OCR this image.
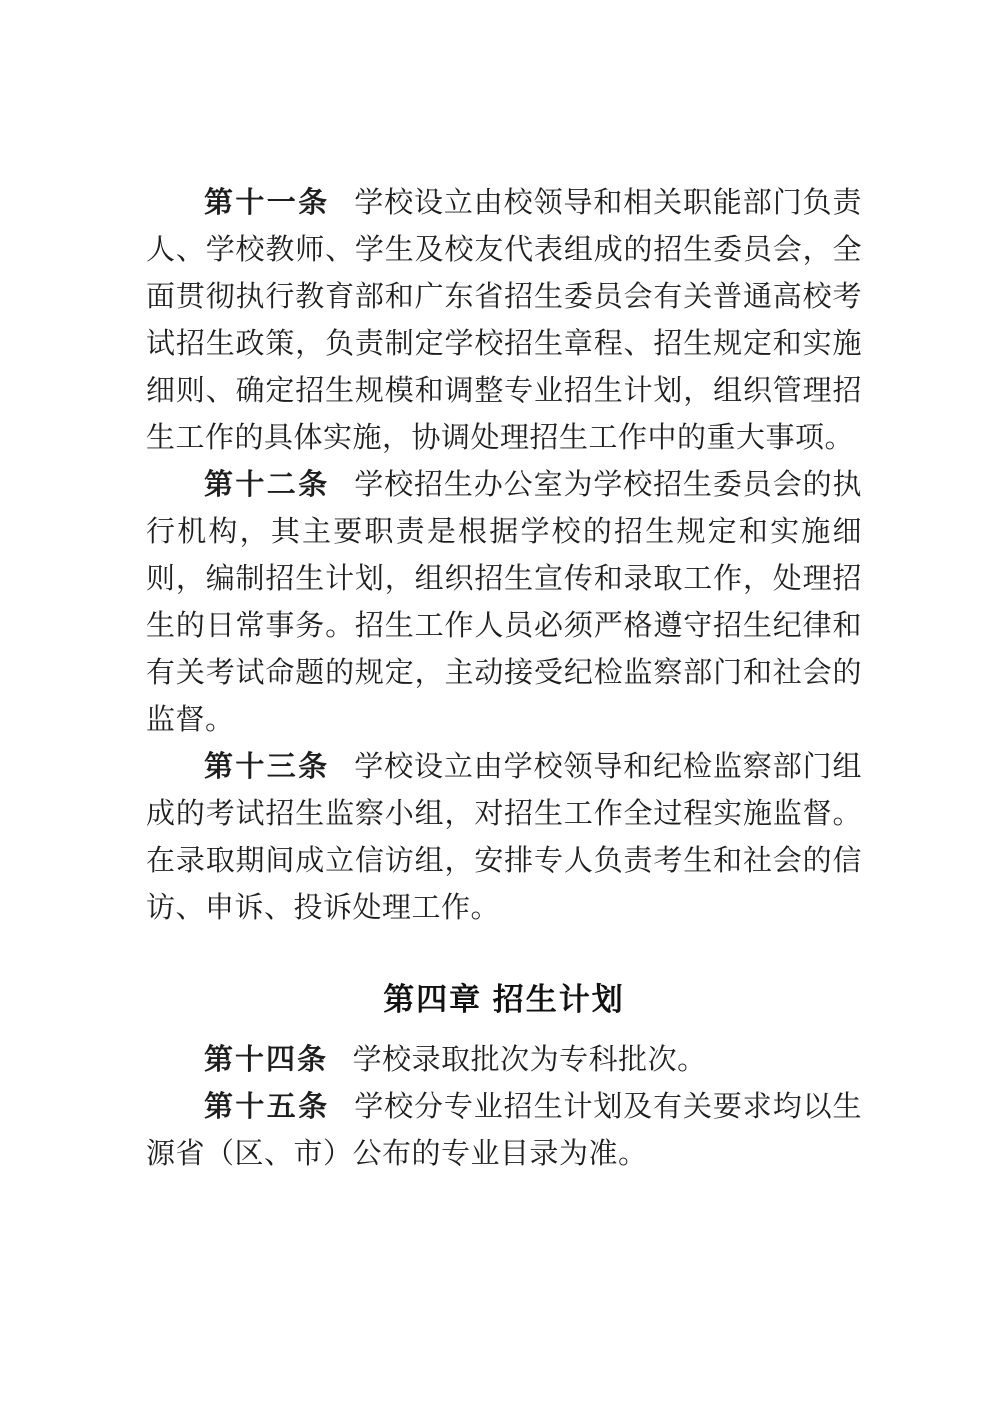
第十一条 学校设立由校领导和相关职能部门负责人、学校教师、学生及校友代表组成的招生委员会，全面贯彻执行教育部和广东省招生委员会有关普通高校考试招生政策，负责制定学校招生章程、招生规定和实施细则、确定招生规模和调整专业招生计划，组织管理招生工作的具体实施，协调处理招生工作中的重大事项。

第十二条 学校招生办公室为学校招生委员会的执行机构，其主要职责是根据学校的招生规定和实施细则，编制招生计划，组织招生宣传和录取工作，处理招生的日常事务。招生工作人员必须严格遵守招生纪律和有关考试命题的规定，主动接受纪检监察部门和社会的监督。

第十三条 学校设立由学校领导和纪检监察部门组成的考试招生监察小组，对招生工作全过程实施监督。在录取期间成立信访组，安排专人负责考生和社会的信访、申诉、投诉处理工作。

第四章 招生计划

第十四条 学校录取批次为专科批次。

第十五条 学校分专业招生计划及有关要求均以生源省（区、市）公布的专业目录为准。
